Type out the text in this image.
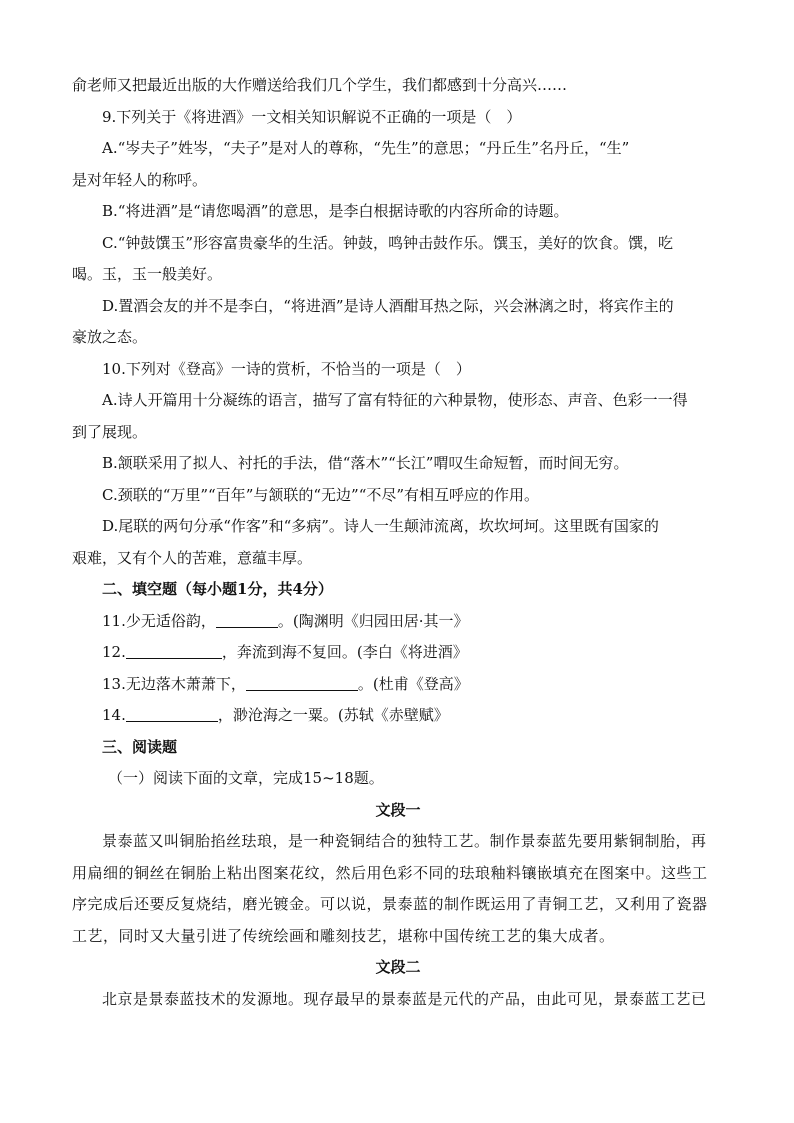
俞老师又把最近出版的大作赠送给我们几个学生，我们都感到十分高兴……
9.下列关于《将进酒》一文相关知识解说不正确的一项是（　）
A.“岑夫子”姓岑，“夫子”是对人的尊称，“先生”的意思；“丹丘生”名丹丘，“生”
是对年轻人的称呼。
B.“将进酒”是“请您喝酒”的意思，是李白根据诗歌的内容所命的诗题。
C.“钟鼓馔玉”形容富贵豪华的生活。钟鼓，鸣钟击鼓作乐。馔玉，美好的饮食。馔，吃
喝。玉，玉一般美好。
D.置酒会友的并不是李白，“将进酒”是诗人酒酣耳热之际，兴会淋漓之时，将宾作主的
豪放之态。
10.下列对《登高》一诗的赏析，不恰当的一项是（　）
A.诗人开篇用十分凝练的语言，描写了富有特征的六种景物，使形态、声音、色彩一一得
到了展现。
B.颔联采用了拟人、衬托的手法，借“落木”“长江”喟叹生命短暂，而时间无穷。
C.颈联的“万里”“百年”与颔联的“无边”“不尽”有相互呼应的作用。
D.尾联的两句分承“作客”和“多病”。诗人一生颠沛流离，坎坎坷坷。这里既有国家的
艰难，又有个人的苦难，意蕴丰厚。
二、填空题（每小题1分，共4分）
11.少无适俗韵，	。(陶渊明《归园田居·其一》
12.	，奔流到海不复回。(李白《将进酒》
13.无边落木萧萧下，	。(杜甫《登高》
14.	，渺沧海之一粟。(苏轼《赤壁赋》
三、阅读题
（一）阅读下面的文章，完成15~18题。
文段一
景泰蓝又叫铜胎掐丝珐琅，是一种瓷铜结合的独特工艺。制作景泰蓝先要用紫铜制胎，再
用扁细的铜丝在铜胎上粘出图案花纹，然后用色彩不同的珐琅釉料镶嵌填充在图案中。这些工
序完成后还要反复烧结，磨光镀金。可以说，景泰蓝的制作既运用了青铜工艺，又利用了瓷器
工艺，同时又大量引进了传统绘画和雕刻技艺，堪称中国传统工艺的集大成者。
文段二
北京是景泰蓝技术的发源地。现存最早的景泰蓝是元代的产品，由此可见，景泰蓝工艺已
